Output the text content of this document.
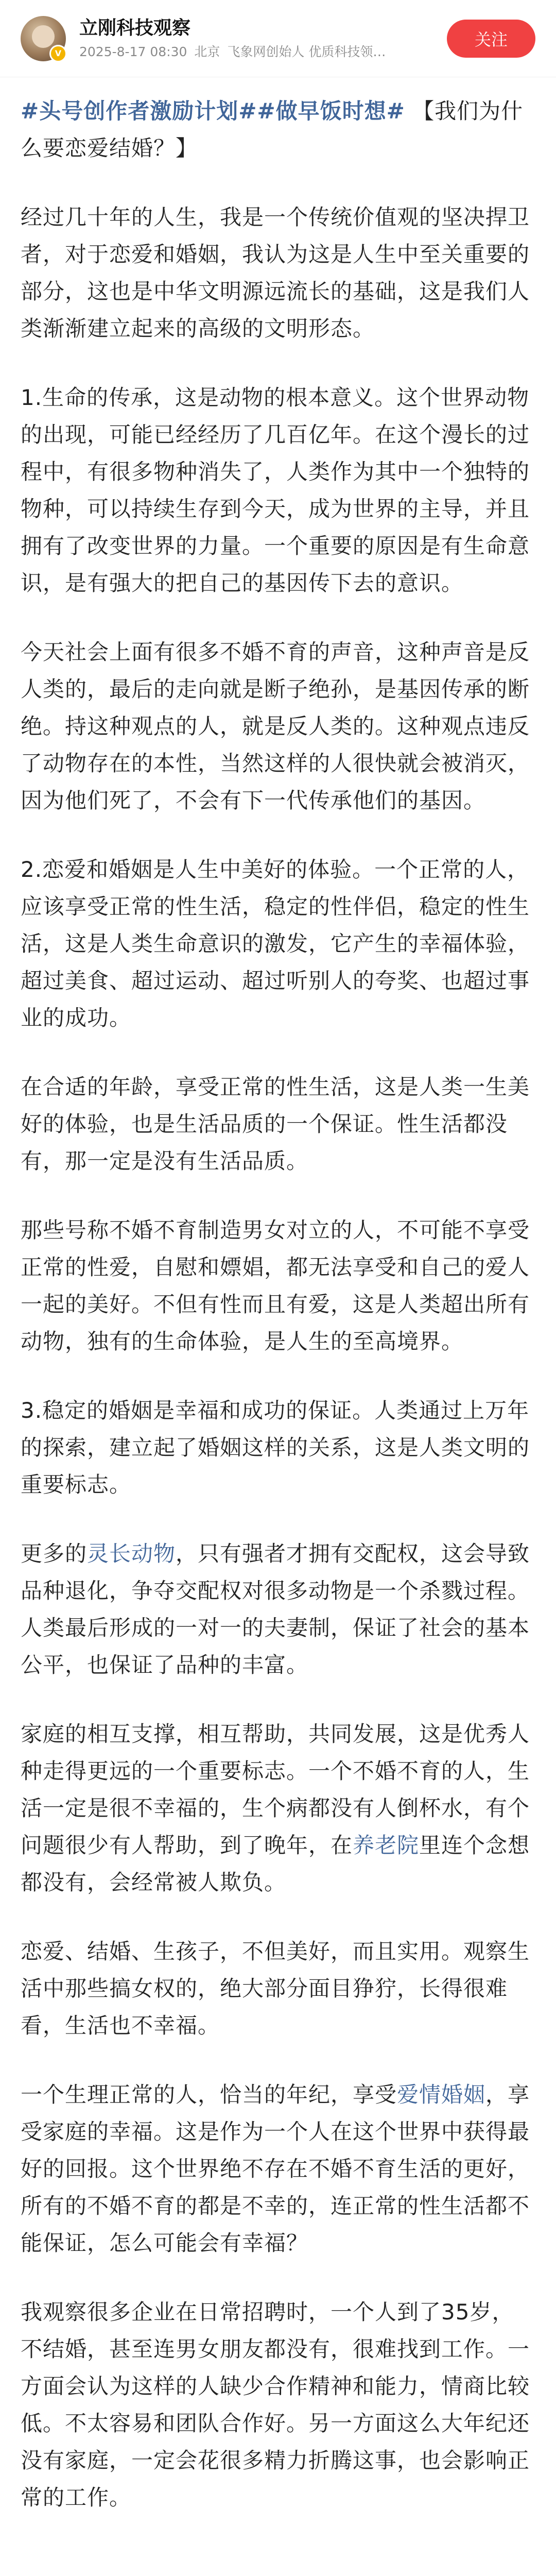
V
立刚科技观察
2025-8-17 08:30 北京 飞象网创始人 优质科技领…
关注

#头号创作者激励计划##做早饭时想# 【我们为什么要恋爱结婚？】

经过几十年的人生，我是一个传统价值观的坚决捍卫者，对于恋爱和婚姻，我认为这是人生中至关重要的部分，这也是中华文明源远流长的基础，这是我们人类渐渐建立起来的高级的文明形态。

1.生命的传承，这是动物的根本意义。这个世界动物的出现，可能已经经历了几百亿年。在这个漫长的过程中，有很多物种消失了，人类作为其中一个独特的物种，可以持续生存到今天，成为世界的主导，并且拥有了改变世界的力量。一个重要的原因是有生命意识，是有强大的把自己的基因传下去的意识。

今天社会上面有很多不婚不育的声音，这种声音是反人类的，最后的走向就是断子绝孙，是基因传承的断绝。持这种观点的人，就是反人类的。这种观点违反了动物存在的本性，当然这样的人很快就会被消灭，因为他们死了，不会有下一代传承他们的基因。

2.恋爱和婚姻是人生中美好的体验。一个正常的人，应该享受正常的性生活，稳定的性伴侣，稳定的性生活，这是人类生命意识的激发，它产生的幸福体验，超过美食、超过运动、超过听别人的夸奖、也超过事业的成功。

在合适的年龄，享受正常的性生活，这是人类一生美好的体验，也是生活品质的一个保证。性生活都没有，那一定是没有生活品质。

那些号称不婚不育制造男女对立的人，不可能不享受正常的性爱，自慰和嫖娼，都无法享受和自己的爱人一起的美好。不但有性而且有爱，这是人类超出所有动物，独有的生命体验，是人生的至高境界。

3.稳定的婚姻是幸福和成功的保证。人类通过上万年的探索，建立起了婚姻这样的关系，这是人类文明的重要标志。

更多的灵长动物，只有强者才拥有交配权，这会导致品种退化，争夺交配权对很多动物是一个杀戮过程。人类最后形成的一对一的夫妻制，保证了社会的基本公平，也保证了品种的丰富。

家庭的相互支撑，相互帮助，共同发展，这是优秀人种走得更远的一个重要标志。一个不婚不育的人，生活一定是很不幸福的，生个病都没有人倒杯水，有个问题很少有人帮助，到了晚年，在养老院里连个念想都没有，会经常被人欺负。

恋爱、结婚、生孩子，不但美好，而且实用。观察生活中那些搞女权的，绝大部分面目狰狞，长得很难看，生活也不幸福。

一个生理正常的人，恰当的年纪，享受爱情婚姻，享受家庭的幸福。这是作为一个人在这个世界中获得最好的回报。这个世界绝不存在不婚不育生活的更好，所有的不婚不育的都是不幸的，连正常的性生活都不能保证，怎么可能会有幸福？

我观察很多企业在日常招聘时，一个人到了35岁，不结婚，甚至连男女朋友都没有，很难找到工作。一方面会认为这样的人缺少合作精神和能力，情商比较低。不太容易和团队合作好。另一方面这么大年纪还没有家庭，一定会花很多精力折腾这事，也会影响正常的工作。
